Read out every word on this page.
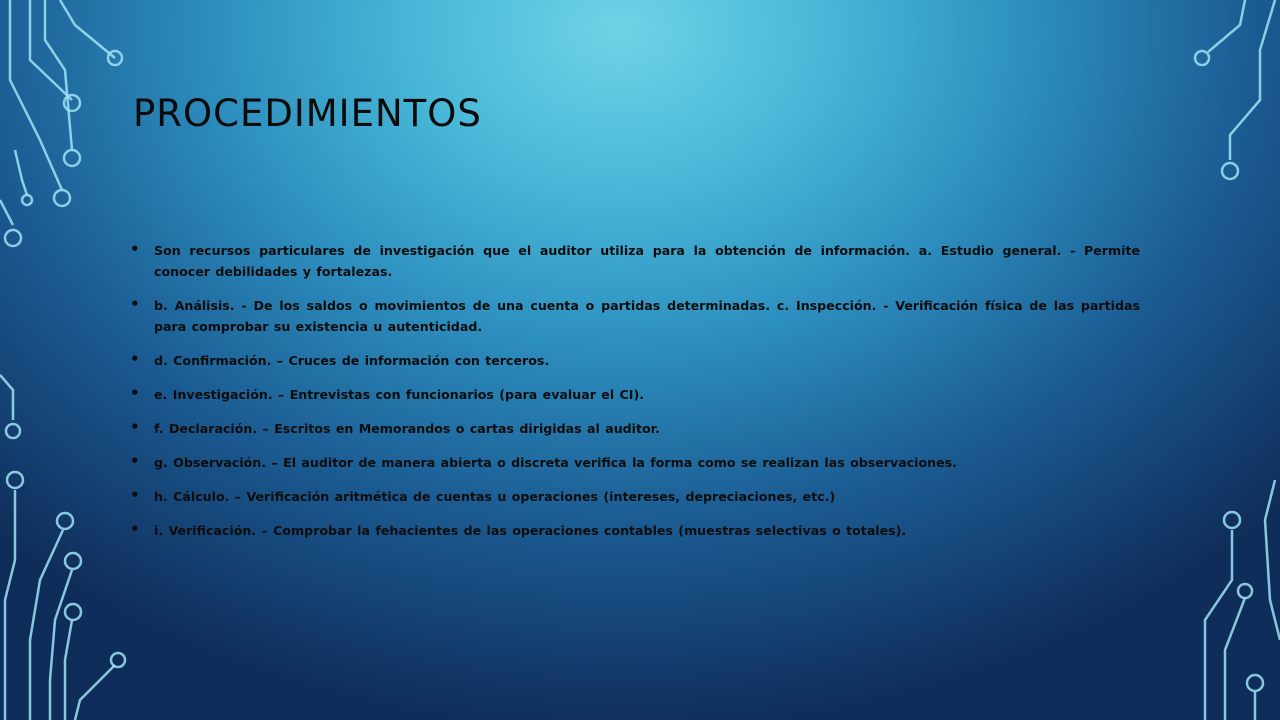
PROCEDIMIENTOS
• Son recursos particulares de investigación que el auditor utiliza para la obtención de información. a. Estudio general. - Permite conocer debilidades y fortalezas.
• b. Análisis. - De los saldos o movimientos de una cuenta o partidas determinadas. c. Inspección. - Verificación física de las partidas para comprobar su existencia u autenticidad.
• d. Confirmación. – Cruces de información con terceros.
• e. Investigación. – Entrevistas con funcionarios (para evaluar el CI).
• f. Declaración. – Escritos en Memorandos o cartas dirigidas al auditor.
• g. Observación. – El auditor de manera abierta o discreta verifica la forma como se realizan las observaciones.
• h. Cálculo. – Verificación aritmética de cuentas u operaciones (intereses, depreciaciones, etc.)
• i. Verificación. – Comprobar la fehacientes de las operaciones contables (muestras selectivas o totales).
